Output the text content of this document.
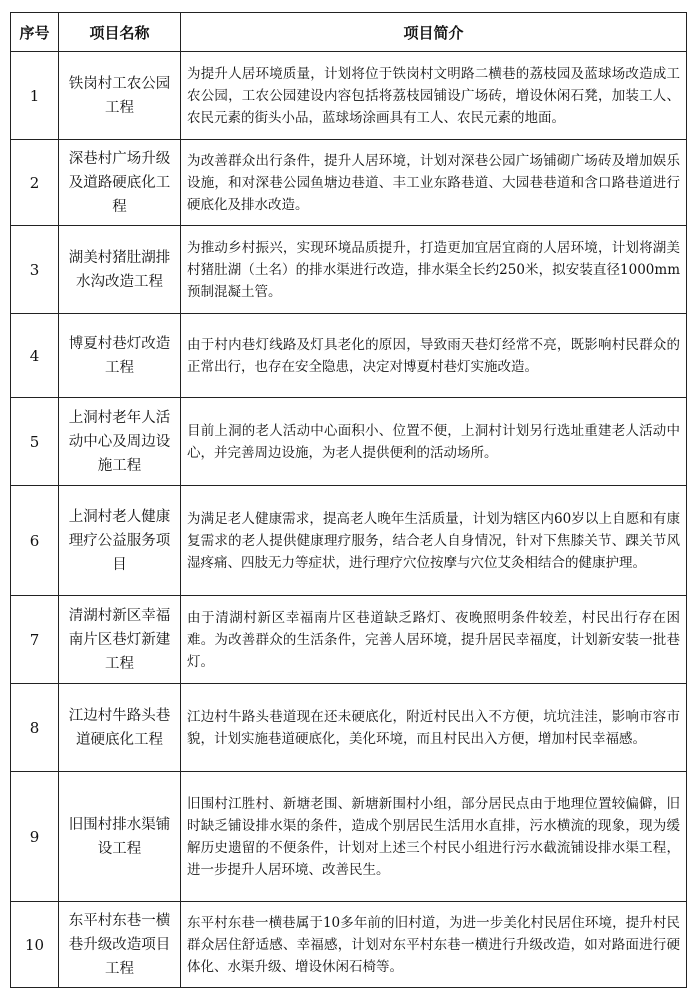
序号	项目名称	项目简介
1	铁岗村工农公园工程	为提升人居环境质量，计划将位于铁岗村文明路二横巷的荔枝园及蓝球场改造成工农公园，工农公园建设内容包括将荔枝园铺设广场砖，增设休闲石凳，加装工人、农民元素的街头小品，蓝球场涂画具有工人、农民元素的地面。
2	深巷村广场升级及道路硬底化工程	为改善群众出行条件，提升人居环境，计划对深巷公园广场铺砌广场砖及增加娱乐设施，和对深巷公园鱼塘边巷道、丰工业东路巷道、大园巷巷道和含口路巷道进行硬底化及排水改造。
3	湖美村猪肚湖排水沟改造工程	为推动乡村振兴，实现环境品质提升，打造更加宜居宜商的人居环境，计划将湖美村猪肚湖（土名）的排水渠进行改造，排水渠全长约250米，拟安装直径1000mm预制混凝土管。
4	博夏村巷灯改造工程	由于村内巷灯线路及灯具老化的原因，导致雨天巷灯经常不亮，既影响村民群众的正常出行，也存在安全隐患，决定对博夏村巷灯实施改造。
5	上洞村老年人活动中心及周边设施工程	目前上洞的老人活动中心面积小、位置不便，上洞村计划另行选址重建老人活动中心，并完善周边设施，为老人提供便利的活动场所。
6	上洞村老人健康理疗公益服务项目	为满足老人健康需求，提高老人晚年生活质量，计划为辖区内60岁以上自愿和有康复需求的老人提供健康理疗服务，结合老人自身情况，针对下焦膝关节、踝关节风湿疼痛、四肢无力等症状，进行理疗穴位按摩与穴位艾灸相结合的健康护理。
7	清湖村新区幸福南片区巷灯新建工程	由于清湖村新区幸福南片区巷道缺乏路灯、夜晚照明条件较差，村民出行存在困难。为改善群众的生活条件，完善人居环境，提升居民幸福度，计划新安装一批巷灯。
8	江边村牛路头巷道硬底化工程	江边村牛路头巷道现在还未硬底化，附近村民出入不方便，坑坑洼洼，影响市容市貌，计划实施巷道硬底化，美化环境，而且村民出入方便，增加村民幸福感。
9	旧围村排水渠铺设工程	旧围村江胜村、新塘老围、新塘新围村小组，部分居民点由于地理位置较偏僻，旧时缺乏铺设排水渠的条件，造成个别居民生活用水直排，污水横流的现象，现为缓解历史遗留的不便条件，计划对上述三个村民小组进行污水截流铺设排水渠工程，进一步提升人居环境、改善民生。
10	东平村东巷一横巷升级改造项目工程	东平村东巷一横巷属于10多年前的旧村道，为进一步美化村民居住环境，提升村民群众居住舒适感、幸福感，计划对东平村东巷一横进行升级改造，如对路面进行硬体化、水渠升级、增设休闲石椅等。
